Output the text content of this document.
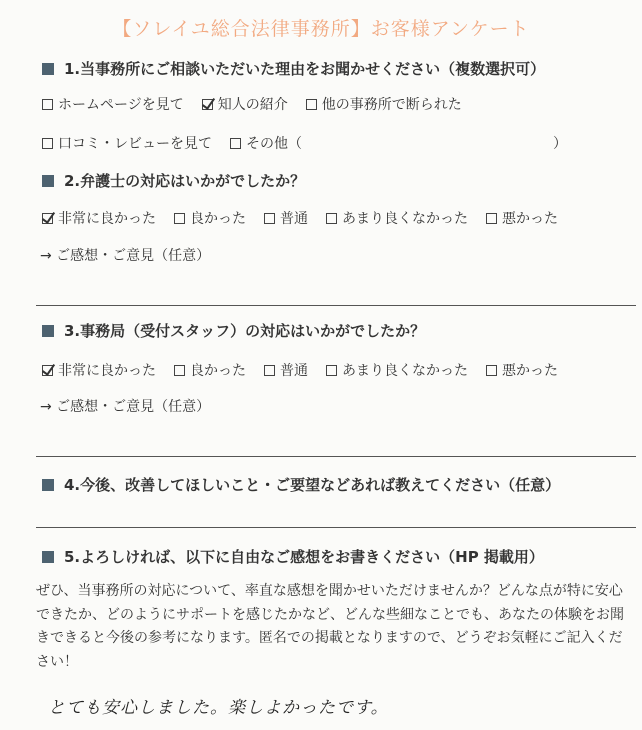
【ソレイユ総合法律事務所】お客様アンケート
1.当事務所にご相談いただいた理由をお聞かせください（複数選択可）
ホームページを見て 知人の紹介 他の事務所で断られた
口コミ・レビューを見て その他（	）
2.弁護士の対応はいかがでしたか？
非常に良かった 良かった 普通 あまり良くなかった 悪かった
→ ご感想・ご意見（任意）
3.事務局（受付スタッフ）の対応はいかがでしたか？
非常に良かった 良かった 普通 あまり良くなかった 悪かった
→ ご感想・ご意見（任意）
4.今後、改善してほしいこと・ご要望などあれば教えてください（任意）
5.よろしければ、以下に自由なご感想をお書きください（HP 掲載用）
ぜひ、当事務所の対応について、率直な感想を聞かせいただけませんか？どんな点が特に安心できたか、どのようにサポートを感じたかなど、どんな些細なことでも、あなたの体験をお聞きできると今後の参考になります。匿名での掲載となりますので、どうぞお気軽にご記入ください！
とても安心しました。楽しよかったです。
